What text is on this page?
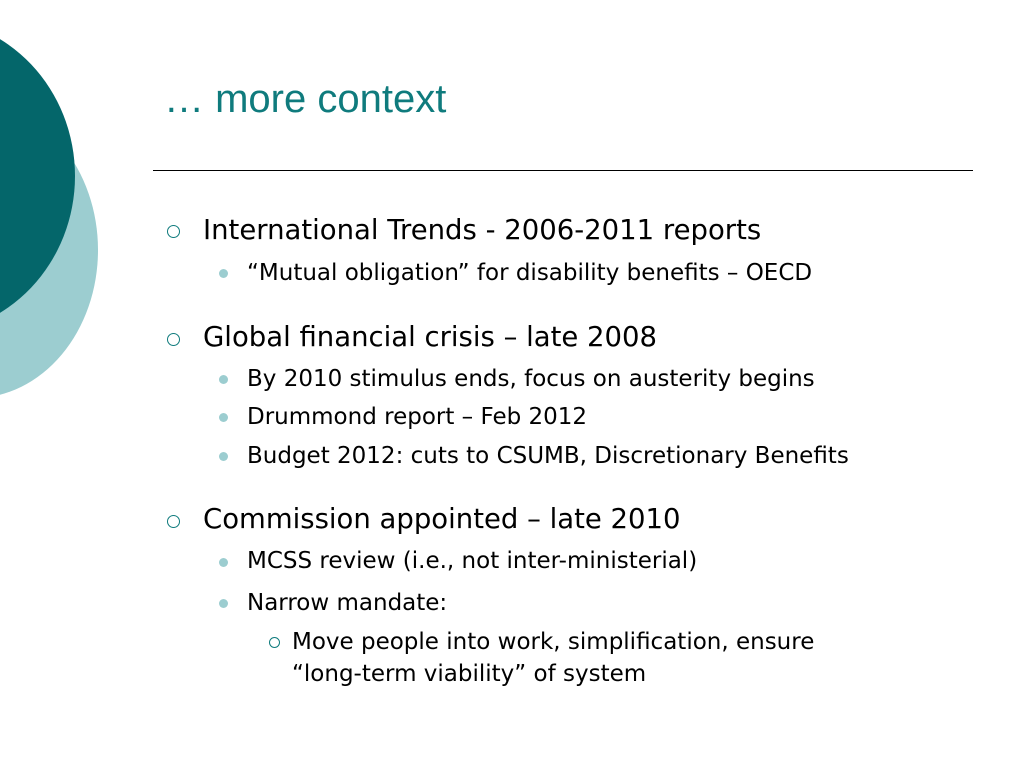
… more context
International Trends - 2006-2011 reports
“Mutual obligation” for disability benefits – OECD
Global financial crisis – late 2008
By 2010 stimulus ends, focus on austerity begins
Drummond report – Feb 2012
Budget 2012: cuts to CSUMB, Discretionary Benefits
Commission appointed – late 2010
MCSS review (i.e., not inter-ministerial)
Narrow mandate:
Move people into work, simplification, ensure
“long-term viability” of system
